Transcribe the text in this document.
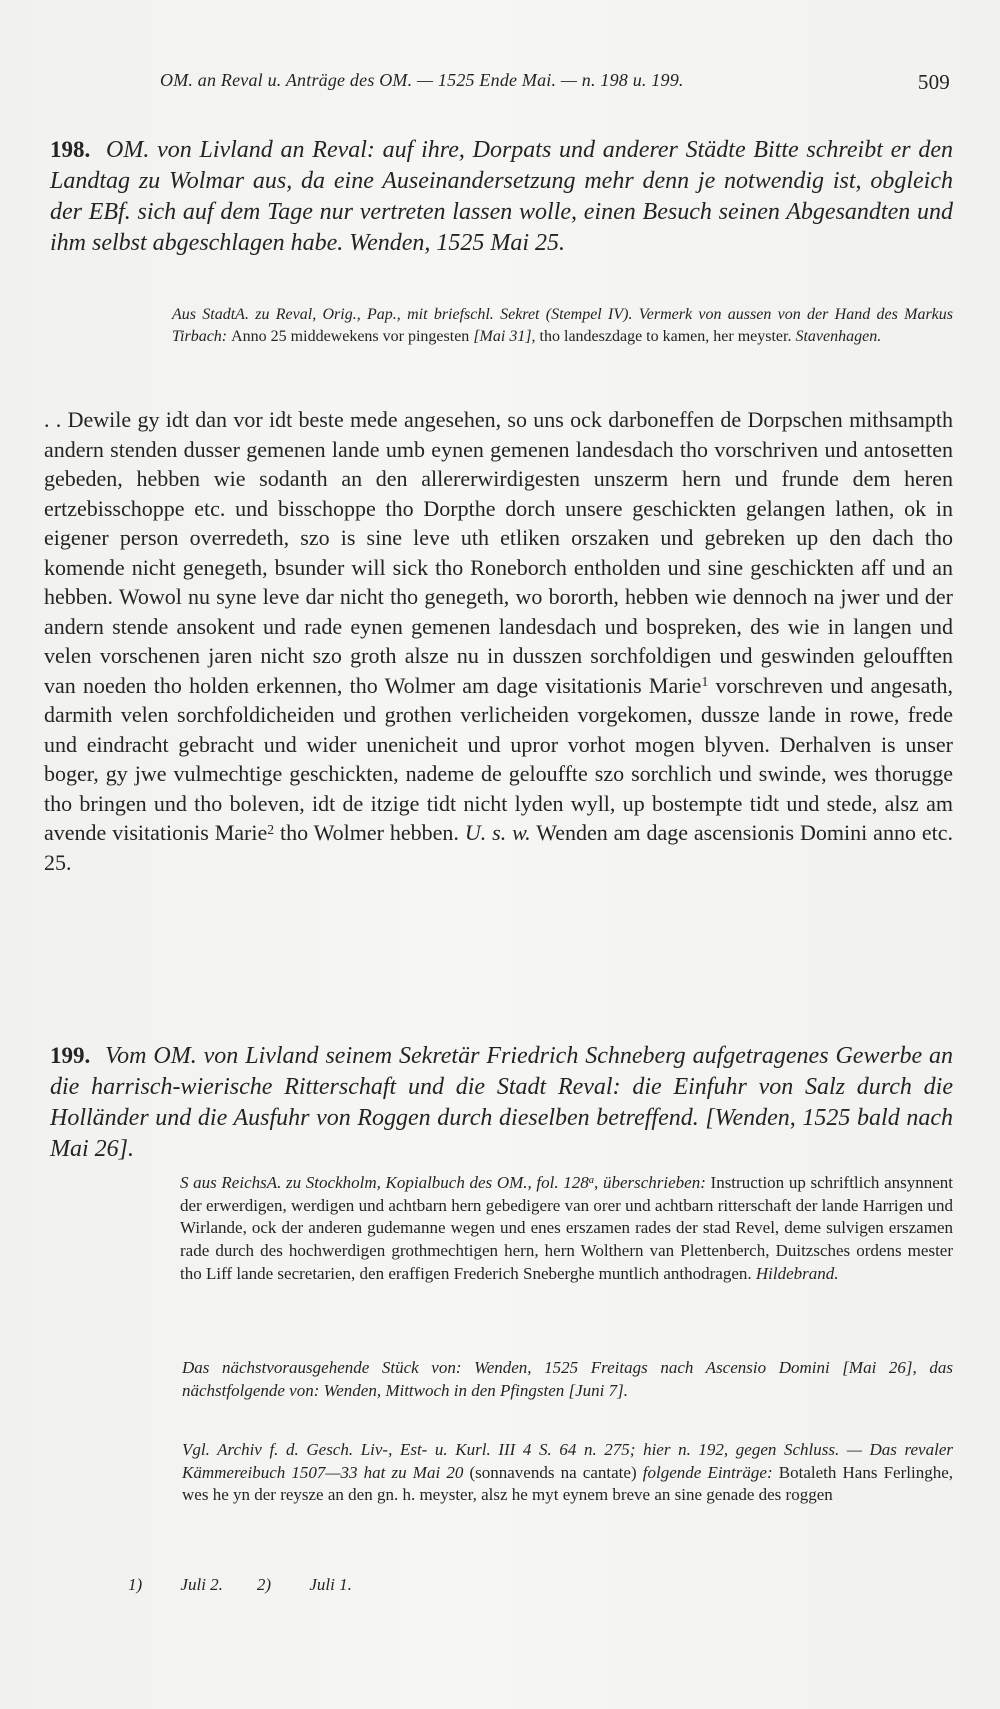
OM. an Reval u. Anträge des OM. — 1525 Ende Mai. — n. 198 u. 199.	509

198. OM. von Livland an Reval: auf ihre, Dorpats und anderer Städte Bitte schreibt er den Landtag zu Wolmar aus, da eine Auseinandersetzung mehr denn je notwendig ist, obgleich der EBf. sich auf dem Tage nur vertreten lassen wolle, einen Besuch seinen Abgesandten und ihm selbst abgeschlagen habe. Wenden, 1525 Mai 25.

Aus StadtA. zu Reval, Orig., Pap., mit briefschl. Sekret (Stempel IV). Vermerk von aussen von der Hand des Markus Tirbach: Anno 25 middewekens vor pingesten [Mai 31], tho landeszdage to kamen, her meyster. Stavenhagen.

. . Dewile gy idt dan vor idt beste mede angesehen, so uns ock darboneffen de Dorpschen mithsampth andern stenden dusser gemenen lande umb eynen gemenen landesdach tho vorschriven und antosetten gebeden, hebben wie sodanth an den allererwirdigesten unszerm hern und frunde dem heren ertzebisschoppe etc. und bisschoppe tho Dorpthe dorch unsere geschickten gelangen lathen, ok in eigener person overredeth, szo is sine leve uth etliken orszaken und gebreken up den dach tho komende nicht genegeth, bsunder will sick tho Roneborch entholden und sine geschickten aff und an hebben. Wowol nu syne leve dar nicht tho genegeth, wo bororth, hebben wie dennoch na jwer und der andern stende ansokent und rade eynen gemenen landesdach und bospreken, des wie in langen und velen vorschenen jaren nicht szo groth alsze nu in dusszen sorchfoldigen und geswinden geloufften van noeden tho holden erkennen, tho Wolmer am dage visitationis Marie$^1$ vorschreven und angesath, darmith velen sorchfoldicheiden und grothen verlicheiden vorgekomen, dussze lande in rowe, frede und eindracht gebracht und wider unenicheit und upror vorhot mogen blyven. Derhalven is unser boger, gy jwe vulmechtige geschickten, nademe de gelouffte szo sorchlich und swinde, wes thorugge tho bringen und tho boleven, idt de itzige tidt nicht lyden wyll, up bostempte tidt und stede, alsz am avende visitationis Marie$^2$ tho Wolmer hebben. U. s. w. Wenden am dage ascensionis Domini anno etc. 25.

199. Vom OM. von Livland seinem Sekretär Friedrich Schneberg aufgetragenes Gewerbe an die harrisch-wierische Ritterschaft und die Stadt Reval: die Einfuhr von Salz durch die Holländer und die Ausfuhr von Roggen durch dieselben betreffend. [Wenden, 1525 bald nach Mai 26].

S aus ReichsA. zu Stockholm, Kopialbuch des OM., fol. 128$^a$, überschrieben: Instruction up schriftlich ansynnent der erwerdigen, werdigen und achtbarn hern gebedigere van orer und achtbarn ritterschaft der lande Harrigen und Wirlande, ock der anderen gudemanne wegen und enes erszamen rades der stad Revel, deme sulvigen erszamen rade durch des hochwerdigen grothmechtigen hern, hern Wolthern van Plettenberch, Duitzsches ordens mester tho Liff lande secretarien, den eraffigen Frederich Sneberghe muntlich anthodragen. Hildebrand.

Das nächstvorausgehende Stück von: Wenden, 1525 Freitags nach Ascensio Domini [Mai 26], das nächstfolgende von: Wenden, Mittwoch in den Pfingsten [Juni 7].

Vgl. Archiv f. d. Gesch. Liv-, Est- u. Kurl. III 4 S. 64 n. 275; hier n. 192, gegen Schluss. — Das revaler Kämmereibuch 1507—33 hat zu Mai 20 (sonnavends na cantate) folgende Einträge: Botaleth Hans Ferlinghe, wes he yn der reysze an den gn. h. meyster, alsz he myt eynem breve an sine genade des roggen

1) Juli 2. 2) Juli 1.
